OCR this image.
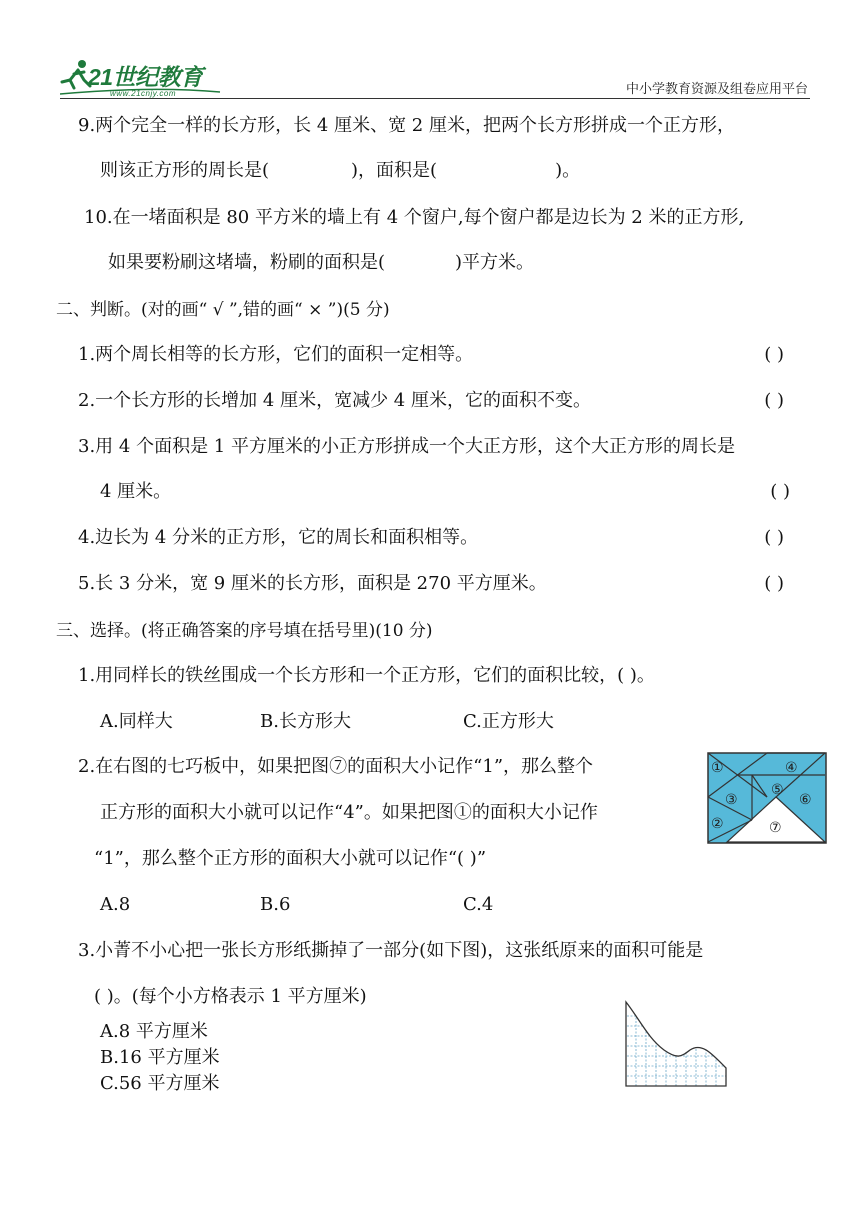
21世纪教育
www.21cnjy.com	中小学教育资源及组卷应用平台
9.两个完全一样的长方形，长 4 厘米、宽 2 厘米，把两个长方形拼成一个正方形，
则该正方形的周长是(	)，面积是(	)。
10.在一堵面积是 80 平方米的墙上有 4 个窗户,每个窗户都是边长为 2 米的正方形,
如果要粉刷这堵墙，粉刷的面积是(	)平方米。
二、判断。(对的画“ √ ”,错的画“ × ”)(5 分)
1.两个周长相等的长方形，它们的面积一定相等。	( )
2.一个长方形的长增加 4 厘米，宽减少 4 厘米，它的面积不变。	( )
3.用 4 个面积是 1 平方厘米的小正方形拼成一个大正方形，这个大正方形的周长是
4 厘米。	( )
4.边长为 4 分米的正方形，它的周长和面积相等。	( )
5.长 3 分米，宽 9 厘米的长方形，面积是 270 平方厘米。	( )
三、选择。(将正确答案的序号填在括号里)(10 分)
1.用同样长的铁丝围成一个长方形和一个正方形，它们的面积比较，( )。
A.同样大	B.长方形大	C.正方形大
2.在右图的七巧板中，如果把图⑦的面积大小记作“1”，那么整个
正方形的面积大小就可以记作“4”。如果把图①的面积大小记作
“1”，那么整个正方形的面积大小就可以记作“( )”
①	④
⑤
③	⑥
②	⑦
A.8	B.6	C.4
3.小菁不小心把一张长方形纸撕掉了一部分(如下图)，这张纸原来的面积可能是
( )。(每个小方格表示 1 平方厘米)
A.8 平方厘米
B.16 平方厘米
C.56 平方厘米
